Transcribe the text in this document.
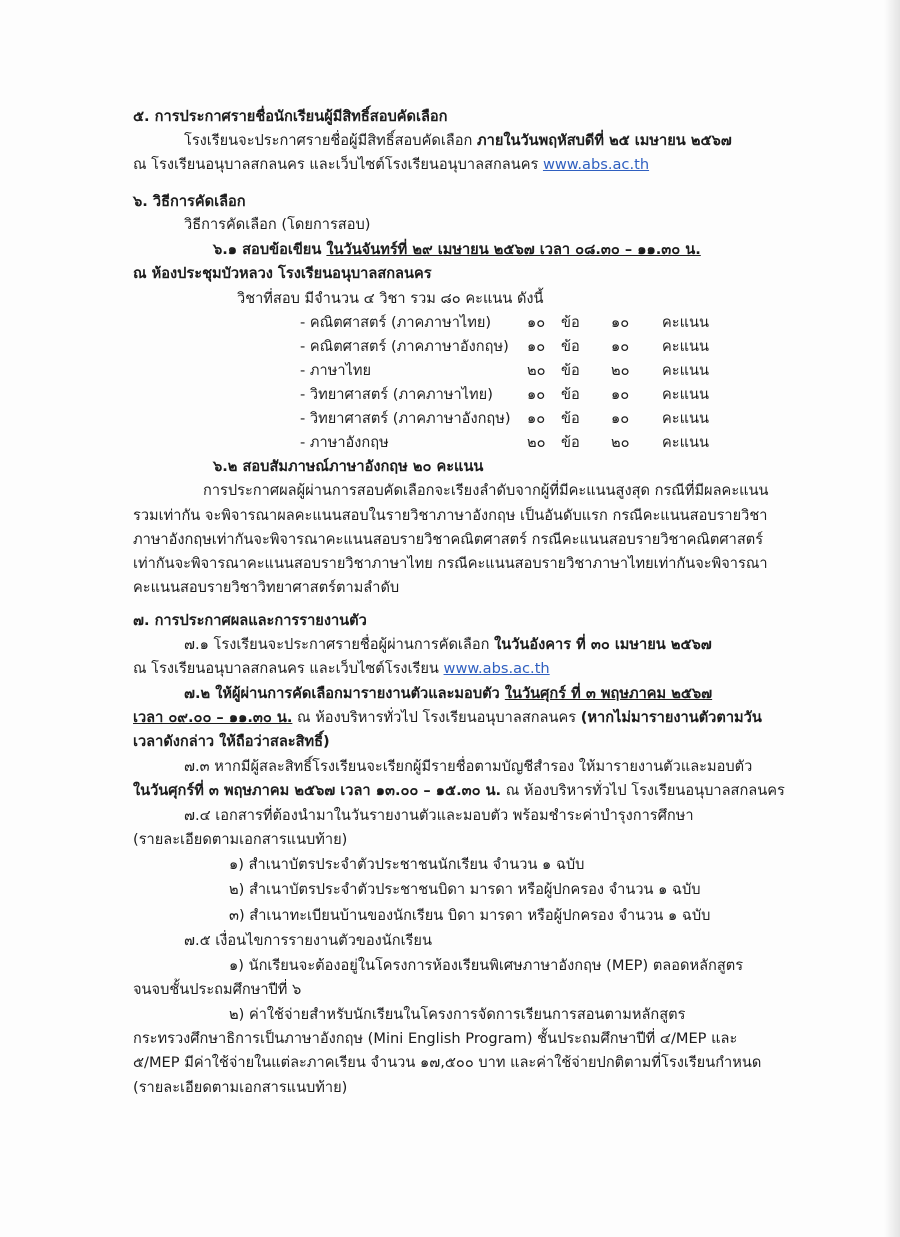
๕. การประกาศรายชื่อนักเรียนผู้มีสิทธิ์สอบคัดเลือก
โรงเรียนจะประกาศรายชื่อผู้มีสิทธิ์สอบคัดเลือก ภายในวันพฤหัสบดีที่ ๒๕ เมษายน ๒๕๖๗
ณ โรงเรียนอนุบาลสกลนคร และเว็บไซต์โรงเรียนอนุบาลสกลนคร www.abs.ac.th
๖. วิธีการคัดเลือก
วิธีการคัดเลือก (โดยการสอบ)
๖.๑ สอบข้อเขียน ในวันจันทร์ที่ ๒๙ เมษายน ๒๕๖๗ เวลา ๐๘.๓๐ – ๑๑.๓๐ น.
ณ ห้องประชุมบัวหลวง โรงเรียนอนุบาลสกลนคร
วิชาที่สอบ มีจำนวน ๔ วิชา รวม ๘๐ คะแนน ดังนี้
- คณิตศาสตร์ (ภาคภาษาไทย) ๑๐ ข้อ ๑๐ คะแนน
- คณิตศาสตร์ (ภาคภาษาอังกฤษ) ๑๐ ข้อ ๑๐ คะแนน
- ภาษาไทย	๒๐ ข้อ ๒๐ คะแนน
- วิทยาศาสตร์ (ภาคภาษาไทย) ๑๐ ข้อ ๑๐ คะแนน
- วิทยาศาสตร์ (ภาคภาษาอังกฤษ) ๑๐ ข้อ ๑๐ คะแนน
- ภาษาอังกฤษ	๒๐ ข้อ ๒๐ คะแนน
๖.๒ สอบสัมภาษณ์ภาษาอังกฤษ ๒๐ คะแนน
การประกาศผลผู้ผ่านการสอบคัดเลือกจะเรียงลำดับจากผู้ที่มีคะแนนสูงสุด กรณีที่มีผลคะแนน
รวมเท่ากัน จะพิจารณาผลคะแนนสอบในรายวิชาภาษาอังกฤษ เป็นอันดับแรก กรณีคะแนนสอบรายวิชา
ภาษาอังกฤษเท่ากันจะพิจารณาคะแนนสอบรายวิชาคณิตศาสตร์ กรณีคะแนนสอบรายวิชาคณิตศาสตร์
เท่ากันจะพิจารณาคะแนนสอบรายวิชาภาษาไทย กรณีคะแนนสอบรายวิชาภาษาไทยเท่ากันจะพิจารณา
คะแนนสอบรายวิชาวิทยาศาสตร์ตามลำดับ
๗. การประกาศผลและการรายงานตัว
๗.๑ โรงเรียนจะประกาศรายชื่อผู้ผ่านการคัดเลือก ในวันอังคาร ที่ ๓๐ เมษายน ๒๕๖๗
ณ โรงเรียนอนุบาลสกลนคร และเว็บไซต์โรงเรียน www.abs.ac.th
๗.๒ ให้ผู้ผ่านการคัดเลือกมารายงานตัวและมอบตัว ในวันศุกร์ ที่ ๓ พฤษภาคม ๒๕๖๗
เวลา ๐๙.๐๐ – ๑๑.๓๐ น. ณ ห้องบริหารทั่วไป โรงเรียนอนุบาลสกลนคร (หากไม่มารายงานตัวตามวัน
เวลาดังกล่าว ให้ถือว่าสละสิทธิ์)
๗.๓ หากมีผู้สละสิทธิ์โรงเรียนจะเรียกผู้มีรายชื่อตามบัญชีสำรอง ให้มารายงานตัวและมอบตัว
ในวันศุกร์ที่ ๓ พฤษภาคม ๒๕๖๗ เวลา ๑๓.๐๐ – ๑๕.๓๐ น. ณ ห้องบริหารทั่วไป โรงเรียนอนุบาลสกลนคร
๗.๔ เอกสารที่ต้องนำมาในวันรายงานตัวและมอบตัว พร้อมชำระค่าบำรุงการศึกษา
(รายละเอียดตามเอกสารแนบท้าย)
๑) สำเนาบัตรประจำตัวประชาชนนักเรียน จำนวน ๑ ฉบับ
๒) สำเนาบัตรประจำตัวประชาชนบิดา มารดา หรือผู้ปกครอง จำนวน ๑ ฉบับ
๓) สำเนาทะเบียนบ้านของนักเรียน บิดา มารดา หรือผู้ปกครอง จำนวน ๑ ฉบับ
๗.๕ เงื่อนไขการรายงานตัวของนักเรียน
๑) นักเรียนจะต้องอยู่ในโครงการห้องเรียนพิเศษภาษาอังกฤษ (MEP) ตลอดหลักสูตร
จนจบชั้นประถมศึกษาปีที่ ๖
๒) ค่าใช้จ่ายสำหรับนักเรียนในโครงการจัดการเรียนการสอนตามหลักสูตร
กระทรวงศึกษาธิการเป็นภาษาอังกฤษ (Mini English Program) ชั้นประถมศึกษาปีที่ ๔/MEP และ
๕/MEP มีค่าใช้จ่ายในแต่ละภาคเรียน จำนวน ๑๗,๕๐๐ บาท และค่าใช้จ่ายปกติตามที่โรงเรียนกำหนด
(รายละเอียดตามเอกสารแนบท้าย)
